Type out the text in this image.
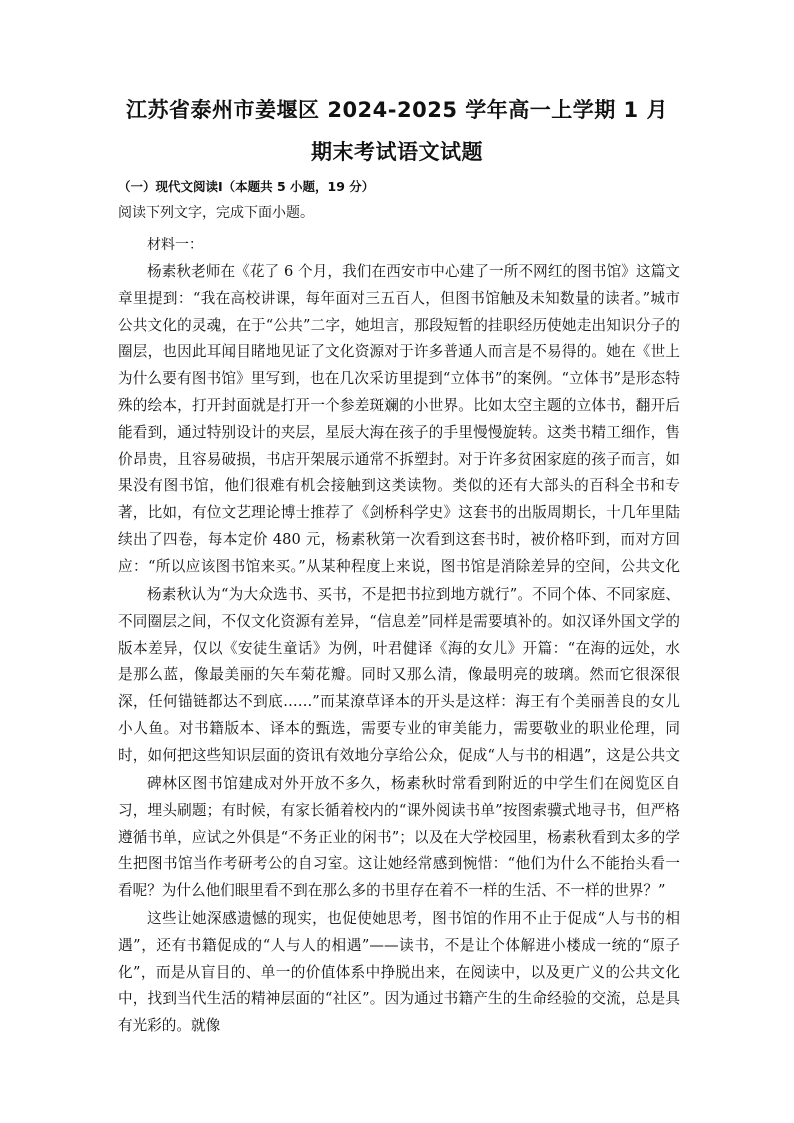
江苏省泰州市姜堰区 2024-2025 学年高一上学期 1 月
期末考试语文试题
（一）现代文阅读Ⅰ（本题共 5 小题，19 分）
阅读下列文字，完成下面小题。
材料一：

杨素秋老师在《花了 6 个月，我们在西安市中心建了一所不网红的图书馆》这篇文章里提到：“我在高校讲课，每年面对三五百人，但图书馆触及未知数量的读者。”城市公共文化的灵魂，在于“公共”二字，她坦言，那段短暂的挂职经历使她走出知识分子的圈层，也因此耳闻目睹地见证了文化资源对于许多普通人而言是不易得的。她在《世上为什么要有图书馆》里写到，也在几次采访里提到“立体书”的案例。“立体书”是形态特殊的绘本，打开封面就是打开一个参差斑斓的小世界。比如太空主题的立体书，翻开后能看到，通过特别设计的夹层，星辰大海在孩子的手里慢慢旋转。这类书精工细作，售价昂贵，且容易破损，书店开架展示通常不拆塑封。对于许多贫困家庭的孩子而言，如果没有图书馆，他们很难有机会接触到这类读物。类似的还有大部头的百科全书和专著，比如，有位文艺理论博士推荐了《剑桥科学史》这套书的出版周期长，十几年里陆续出了四卷，每本定价 480 元，杨素秋第一次看到这套书时，被价格吓到，而对方回应：“所以应该图书馆来买。”从某种程度上来说，图书馆是消除差异的空间，公共文化

杨素秋认为“为大众选书、买书，不是把书拉到地方就行”。不同个体、不同家庭、不同圈层之间，不仅文化资源有差异，“信息差”同样是需要填补的。如汉译外国文学的版本差异，仅以《安徒生童话》为例，叶君健译《海的女儿》开篇：“在海的远处，水是那么蓝，像最美丽的矢车菊花瓣。同时又那么清，像最明亮的玻璃。然而它很深很深，任何锚链都达不到底……”而某潦草译本的开头是这样：海王有个美丽善良的女儿小人鱼。对书籍版本、译本的甄选，需要专业的审美能力，需要敬业的职业伦理，同时，如何把这些知识层面的资讯有效地分享给公众，促成“人与书的相遇”，这是公共文

碑林区图书馆建成对外开放不多久，杨素秋时常看到附近的中学生们在阅览区自习，埋头刷题；有时候，有家长循着校内的“课外阅读书单”按图索骥式地寻书，但严格遵循书单，应试之外俱是“不务正业的闲书”；以及在大学校园里，杨素秋看到太多的学生把图书馆当作考研考公的自习室。这让她经常感到惋惜：“他们为什么不能抬头看一看呢？为什么他们眼里看不到在那么多的书里存在着不一样的生活、不一样的世界？”

这些让她深感遗憾的现实，也促使她思考，图书馆的作用不止于促成“人与书的相遇”，还有书籍促成的“人与人的相遇”——读书，不是让个体解进小楼成一统的“原子化”，而是从盲目的、单一的价值体系中挣脱出来，在阅读中，以及更广义的公共文化中，找到当代生活的精神层面的“社区”。因为通过书籍产生的生命经验的交流，总是具有光彩的。就像
